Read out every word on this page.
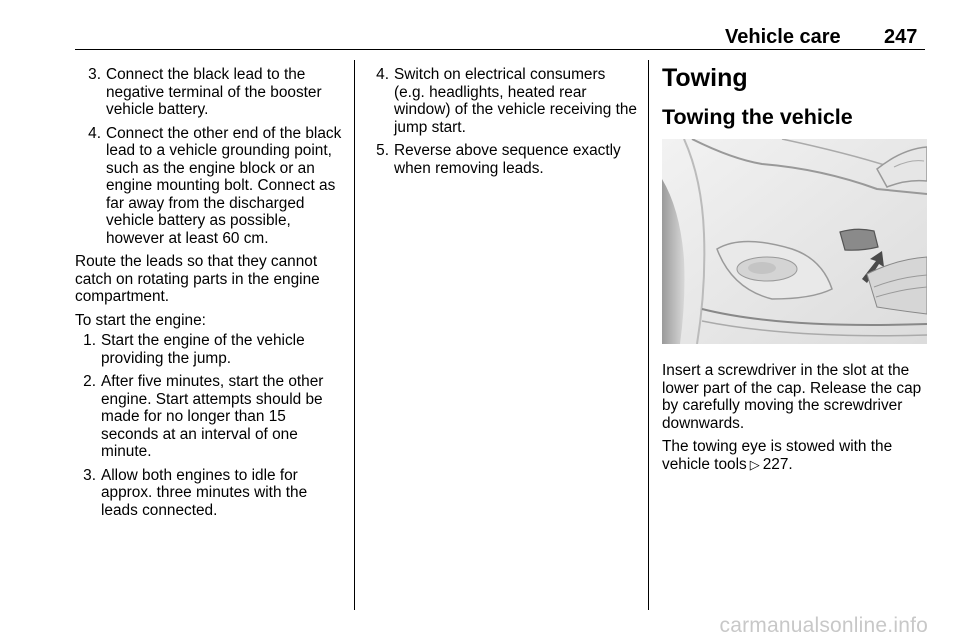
Vehicle care 247
3. Connect the black lead to the negative terminal of the booster vehicle battery.
4. Connect the other end of the black lead to a vehicle grounding point, such as the engine block or an engine mounting bolt. Connect as far away from the discharged vehicle battery as possible, however at least 60 cm.

Route the leads so that they cannot catch on rotating parts in the engine compartment.

To start the engine:

1. Start the engine of the vehicle providing the jump.
2. After five minutes, start the other engine. Start attempts should be made for no longer than 15 seconds at an interval of one minute.
3. Allow both engines to idle for approx. three minutes with the leads connected.
4. Switch on electrical consumers (e.g. headlights, heated rear window) of the vehicle receiving the jump start.
5. Reverse above sequence exactly when removing leads.
Towing
Towing the vehicle

Insert a screwdriver in the slot at the lower part of the cap. Release the cap by carefully moving the screwdriver downwards.

The towing eye is stowed with the vehicle tools ▷ 227.

carmanualsonline.info
